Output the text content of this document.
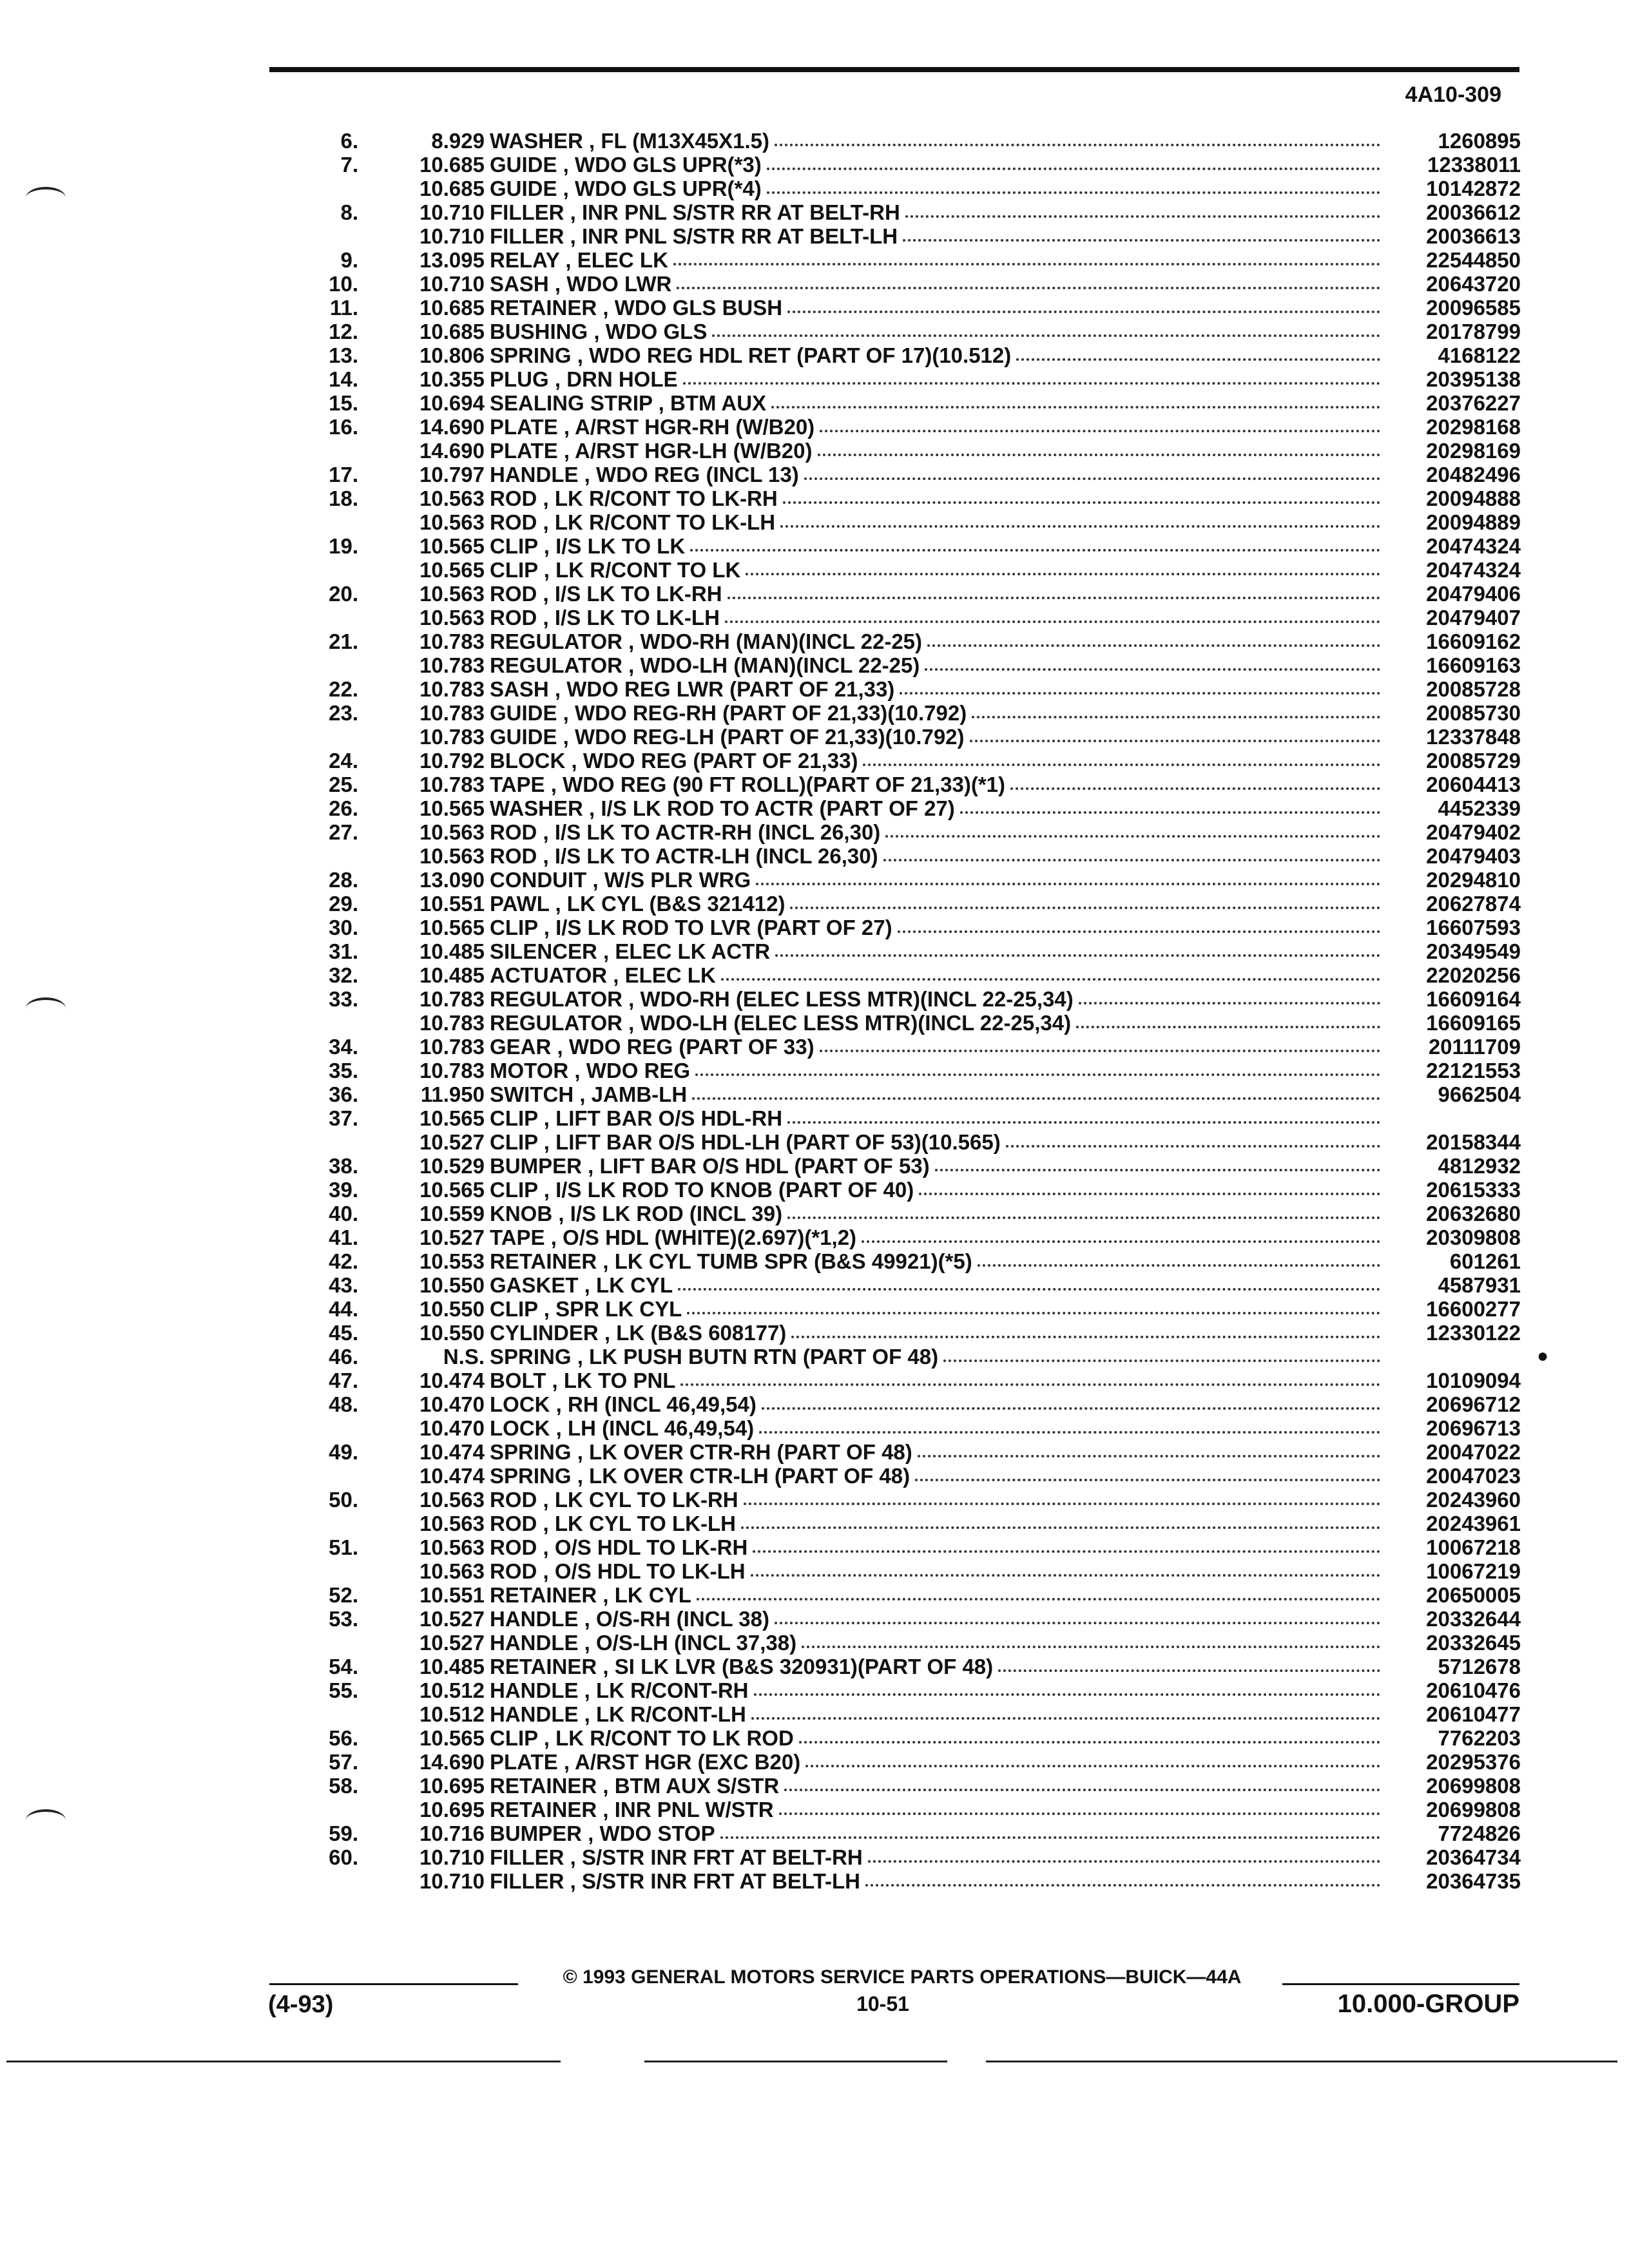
4A10-309
6.	8.929 WASHER , FL (M13X45X1.5)	1260895
7.	10.685 GUIDE , WDO GLS UPR(*3)	12338011
10.685 GUIDE , WDO GLS UPR(*4)	10142872
8.	10.710 FILLER , INR PNL S/STR RR AT BELT-RH	20036612
10.710 FILLER , INR PNL S/STR RR AT BELT-LH	20036613
9.	13.095 RELAY , ELEC LK	22544850
10.	10.710 SASH , WDO LWR	20643720
11.	10.685 RETAINER , WDO GLS BUSH	20096585
12.	10.685 BUSHING , WDO GLS	20178799
13.	10.806 SPRING , WDO REG HDL RET (PART OF 17)(10.512)	4168122
14.	10.355 PLUG , DRN HOLE	20395138
15.	10.694 SEALING STRIP , BTM AUX	20376227
16.	14.690 PLATE , A/RST HGR-RH (W/B20)	20298168
14.690 PLATE , A/RST HGR-LH (W/B20)	20298169
17.	10.797 HANDLE , WDO REG (INCL 13)	20482496
18.	10.563 ROD , LK R/CONT TO LK-RH	20094888
10.563 ROD , LK R/CONT TO LK-LH	20094889
19.	10.565 CLIP , I/S LK TO LK	20474324
10.565 CLIP , LK R/CONT TO LK	20474324
20.	10.563 ROD , I/S LK TO LK-RH	20479406
10.563 ROD , I/S LK TO LK-LH	20479407
21.	10.783 REGULATOR , WDO-RH (MAN)(INCL 22-25)	16609162
10.783 REGULATOR , WDO-LH (MAN)(INCL 22-25)	16609163
22.	10.783 SASH , WDO REG LWR (PART OF 21,33)	20085728
23.	10.783 GUIDE , WDO REG-RH (PART OF 21,33)(10.792)	20085730
10.783 GUIDE , WDO REG-LH (PART OF 21,33)(10.792)	12337848
24.	10.792 BLOCK , WDO REG (PART OF 21,33)	20085729
25.	10.783 TAPE , WDO REG (90 FT ROLL)(PART OF 21,33)(*1)	20604413
26.	10.565 WASHER , I/S LK ROD TO ACTR (PART OF 27)	4452339
27.	10.563 ROD , I/S LK TO ACTR-RH (INCL 26,30)	20479402
10.563 ROD , I/S LK TO ACTR-LH (INCL 26,30)	20479403
28.	13.090 CONDUIT , W/S PLR WRG	20294810
29.	10.551 PAWL , LK CYL (B&S 321412)	20627874
30.	10.565 CLIP , I/S LK ROD TO LVR (PART OF 27)	16607593
31.	10.485 SILENCER , ELEC LK ACTR	20349549
32.	10.485 ACTUATOR , ELEC LK	22020256
33.	10.783 REGULATOR , WDO-RH (ELEC LESS MTR)(INCL 22-25,34)	16609164
10.783 REGULATOR , WDO-LH (ELEC LESS MTR)(INCL 22-25,34)	16609165
34.	10.783 GEAR , WDO REG (PART OF 33)	20111709
35.	10.783 MOTOR , WDO REG	22121553
36.	11.950 SWITCH , JAMB-LH	9662504
37.	10.565 CLIP , LIFT BAR O/S HDL-RH
10.527 CLIP , LIFT BAR O/S HDL-LH (PART OF 53)(10.565)	20158344
38.	10.529 BUMPER , LIFT BAR O/S HDL (PART OF 53)	4812932
39.	10.565 CLIP , I/S LK ROD TO KNOB (PART OF 40)	20615333
40.	10.559 KNOB , I/S LK ROD (INCL 39)	20632680
41.	10.527 TAPE , O/S HDL (WHITE)(2.697)(*1,2)	20309808
42.	10.553 RETAINER , LK CYL TUMB SPR (B&S 49921)(*5)	601261
43.	10.550 GASKET , LK CYL	4587931
44.	10.550 CLIP , SPR LK CYL	16600277
45.	10.550 CYLINDER , LK (B&S 608177)	12330122
46.	N.S. SPRING , LK PUSH BUTN RTN (PART OF 48)
47.	10.474 BOLT , LK TO PNL	10109094
48.	10.470 LOCK , RH (INCL 46,49,54)	20696712
10.470 LOCK , LH (INCL 46,49,54)	20696713
49.	10.474 SPRING , LK OVER CTR-RH (PART OF 48)	20047022
10.474 SPRING , LK OVER CTR-LH (PART OF 48)	20047023
50.	10.563 ROD , LK CYL TO LK-RH	20243960
10.563 ROD , LK CYL TO LK-LH	20243961
51.	10.563 ROD , O/S HDL TO LK-RH	10067218
10.563 ROD , O/S HDL TO LK-LH	10067219
52.	10.551 RETAINER , LK CYL	20650005
53.	10.527 HANDLE , O/S-RH (INCL 38)	20332644
10.527 HANDLE , O/S-LH (INCL 37,38)	20332645
54.	10.485 RETAINER , SI LK LVR (B&S 320931)(PART OF 48)	5712678
55.	10.512 HANDLE , LK R/CONT-RH	20610476
10.512 HANDLE , LK R/CONT-LH	20610477
56.	10.565 CLIP , LK R/CONT TO LK ROD	7762203
57.	14.690 PLATE , A/RST HGR (EXC B20)	20295376
58.	10.695 RETAINER , BTM AUX S/STR	20699808
10.695 RETAINER , INR PNL W/STR	20699808
59.	10.716 BUMPER , WDO STOP	7724826
60.	10.710 FILLER , S/STR INR FRT AT BELT-RH	20364734
10.710 FILLER , S/STR INR FRT AT BELT-LH	20364735
●
© 1993 GENERAL MOTORS SERVICE PARTS OPERATIONS—BUICK—44A
(4-93)	10-51	10.000-GROUP
